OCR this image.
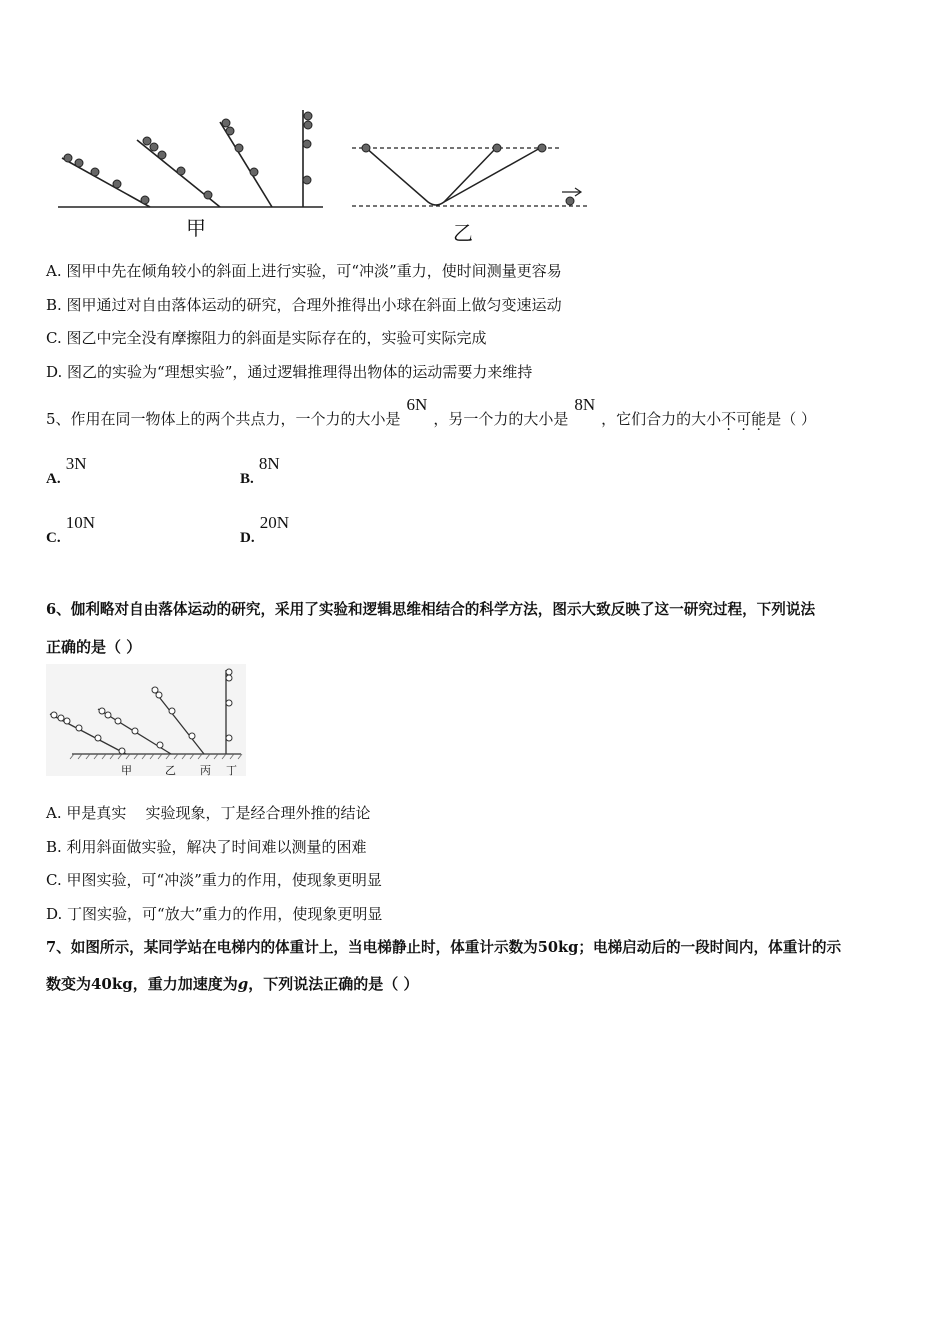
甲	乙
A. 图甲中先在倾角较小的斜面上进行实验，可“冲淡”重力，使时间测量更容易
B. 图甲通过对自由落体运动的研究，合理外推得出小球在斜面上做匀变速运动
C. 图乙中完全没有摩擦阻力的斜面是实际存在的，实验可实际完成
D. 图乙的实验为“理想实验”，通过逻辑推理得出物体的运动需要力来维持
5、作用在同一物体上的两个共点力，一个力的大小是6N，另一个力的大小是8N，它们合力的大小不可能是（ ）
A. 3N
B. 8N
C. 10N
D. 20N
6、伽利略对自由落体运动的研究，采用了实验和逻辑思维相结合的科学方法，图示大致反映了这一研究过程，下列说法
正确的是（ ）
甲	乙 丙 丁
A. 甲是真实    实验现象，丁是经合理外推的结论
B. 利用斜面做实验，解决了时间难以测量的困难
C. 甲图实验，可“冲淡”重力的作用，使现象更明显
D. 丁图实验，可“放大”重力的作用，使现象更明显
7、如图所示，某同学站在电梯内的体重计上，当电梯静止时，体重计示数为50kg；电梯启动后的一段时间内，体重计的示
数变为40kg，重力加速度为g，下列说法正确的是（ ）
